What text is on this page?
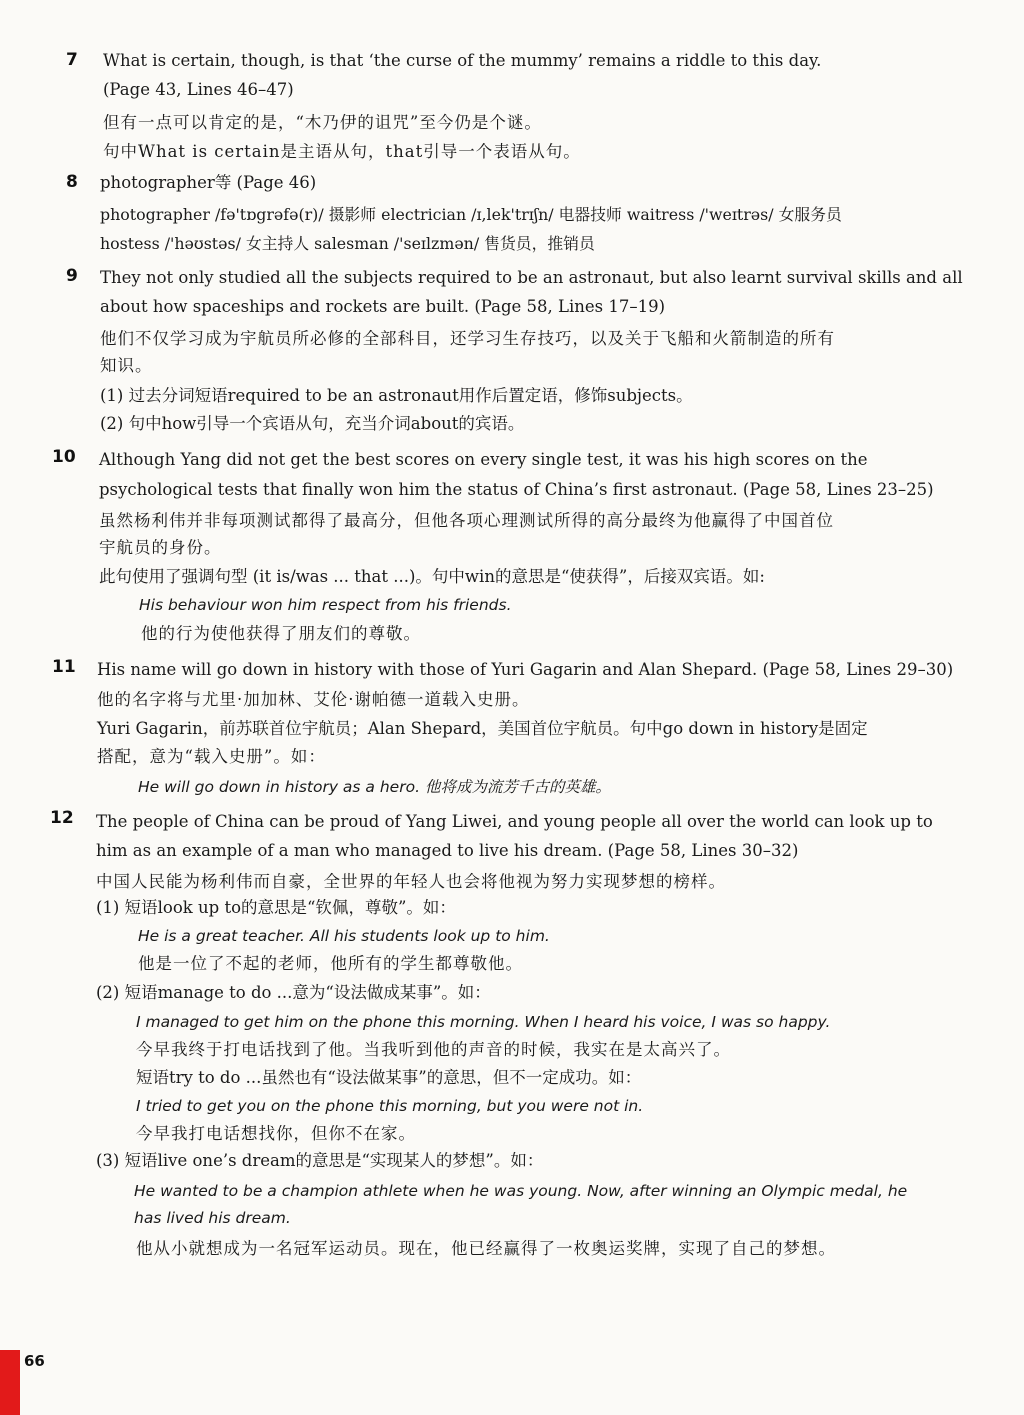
7 What is certain, though, is that ‘the curse of the mummy’ remains a riddle to this day.
(Page 43, Lines 46–47)
但有一点可以肯定的是，“木乃伊的诅咒”至今仍是个谜。
句中What is certain是主语从句，that引导一个表语从句。
8 photographer等 (Page 46)
photographer /fə'tɒgrəfə(r)/ 摄影师 electrician /ɪ,lek'trɪʃn/ 电器技师 waitress /'weɪtrəs/ 女服务员
hostess /'həʊstəs/ 女主持人 salesman /'seɪlzmən/ 售货员，推销员
9 They not only studied all the subjects required to be an astronaut, but also learnt survival skills and all
about how spaceships and rockets are built. (Page 58, Lines 17–19)
他们不仅学习成为宇航员所必修的全部科目，还学习生存技巧，以及关于飞船和火箭制造的所有
知识。
(1) 过去分词短语required to be an astronaut用作后置定语，修饰subjects。
(2) 句中how引导一个宾语从句，充当介词about的宾语。
10 Although Yang did not get the best scores on every single test, it was his high scores on the
psychological tests that finally won him the status of China’s first astronaut. (Page 58, Lines 23–25)
虽然杨利伟并非每项测试都得了最高分，但他各项心理测试所得的高分最终为他赢得了中国首位
宇航员的身份。
此句使用了强调句型 (it is/was ... that ...)。句中win的意思是“使获得”，后接双宾语。如:
His behaviour won him respect from his friends.
他的行为使他获得了朋友们的尊敬。
11 His name will go down in history with those of Yuri Gagarin and Alan Shepard. (Page 58, Lines 29–30)
他的名字将与尤里·加加林、艾伦·谢帕德一道载入史册。
Yuri Gagarin，前苏联首位宇航员；Alan Shepard，美国首位宇航员。句中go down in history是固定
搭配，意为“载入史册”。如：
He will go down in history as a hero. 他将成为流芳千古的英雄。
12 The people of China can be proud of Yang Liwei, and young people all over the world can look up to
him as an example of a man who managed to live his dream. (Page 58, Lines 30–32)
中国人民能为杨利伟而自豪，全世界的年轻人也会将他视为努力实现梦想的榜样。
(1) 短语look up to的意思是“钦佩，尊敬”。如：
He is a great teacher. All his students look up to him.
他是一位了不起的老师，他所有的学生都尊敬他。
(2) 短语manage to do ...意为“设法做成某事”。如：
I managed to get him on the phone this morning. When I heard his voice, I was so happy.
今早我终于打电话找到了他。当我听到他的声音的时候，我实在是太高兴了。
短语try to do ...虽然也有“设法做某事”的意思，但不一定成功。如：
I tried to get you on the phone this morning, but you were not in.
今早我打电话想找你，但你不在家。
(3) 短语live one’s dream的意思是“实现某人的梦想”。如：
He wanted to be a champion athlete when he was young. Now, after winning an Olympic medal, he
has lived his dream.
他从小就想成为一名冠军运动员。现在，他已经赢得了一枚奥运奖牌，实现了自己的梦想。
66
